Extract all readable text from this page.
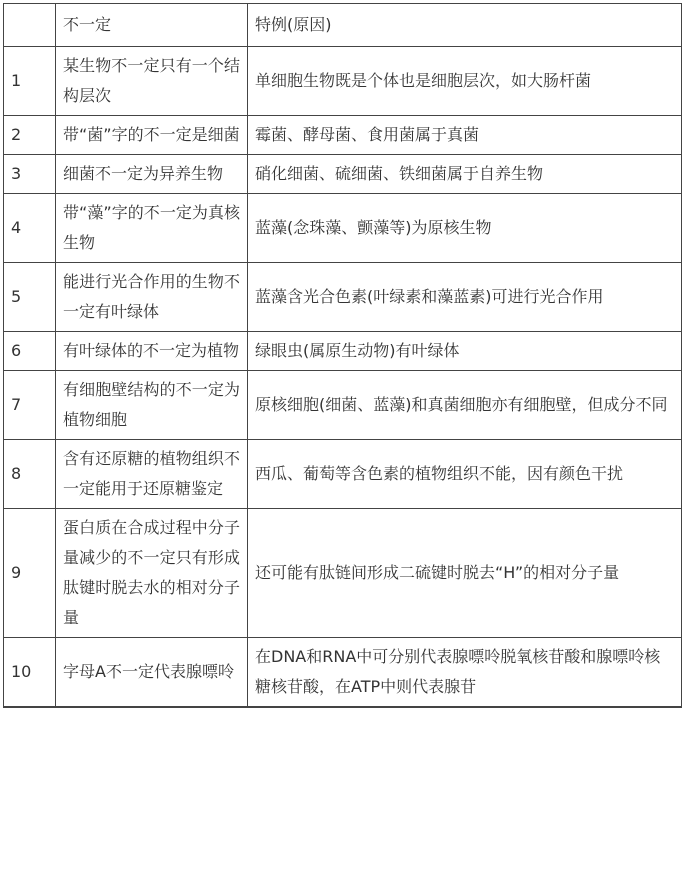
	不一定	特例(原因)
1	某生物不一定只有一个结构层次	单细胞生物既是个体也是细胞层次，如大肠杆菌
2	带“菌”字的不一定是细菌	霉菌、酵母菌、食用菌属于真菌
3	细菌不一定为异养生物	硝化细菌、硫细菌、铁细菌属于自养生物
4	带“藻”字的不一定为真核生物	蓝藻(念珠藻、颤藻等)为原核生物
5	能进行光合作用的生物不一定有叶绿体	蓝藻含光合色素(叶绿素和藻蓝素)可进行光合作用
6	有叶绿体的不一定为植物	绿眼虫(属原生动物)有叶绿体
7	有细胞壁结构的不一定为植物细胞	原核细胞(细菌、蓝藻)和真菌细胞亦有细胞壁，但成分不同
8	含有还原糖的植物组织不一定能用于还原糖鉴定	西瓜、葡萄等含色素的植物组织不能，因有颜色干扰
9	蛋白质在合成过程中分子量减少的不一定只有形成肽键时脱去水的相对分子量	还可能有肽链间形成二硫键时脱去“H”的相对分子量
10	字母A不一定代表腺嘌呤	在DNA和RNA中可分别代表腺嘌呤脱氧核苷酸和腺嘌呤核糖核苷酸，在ATP中则代表腺苷
